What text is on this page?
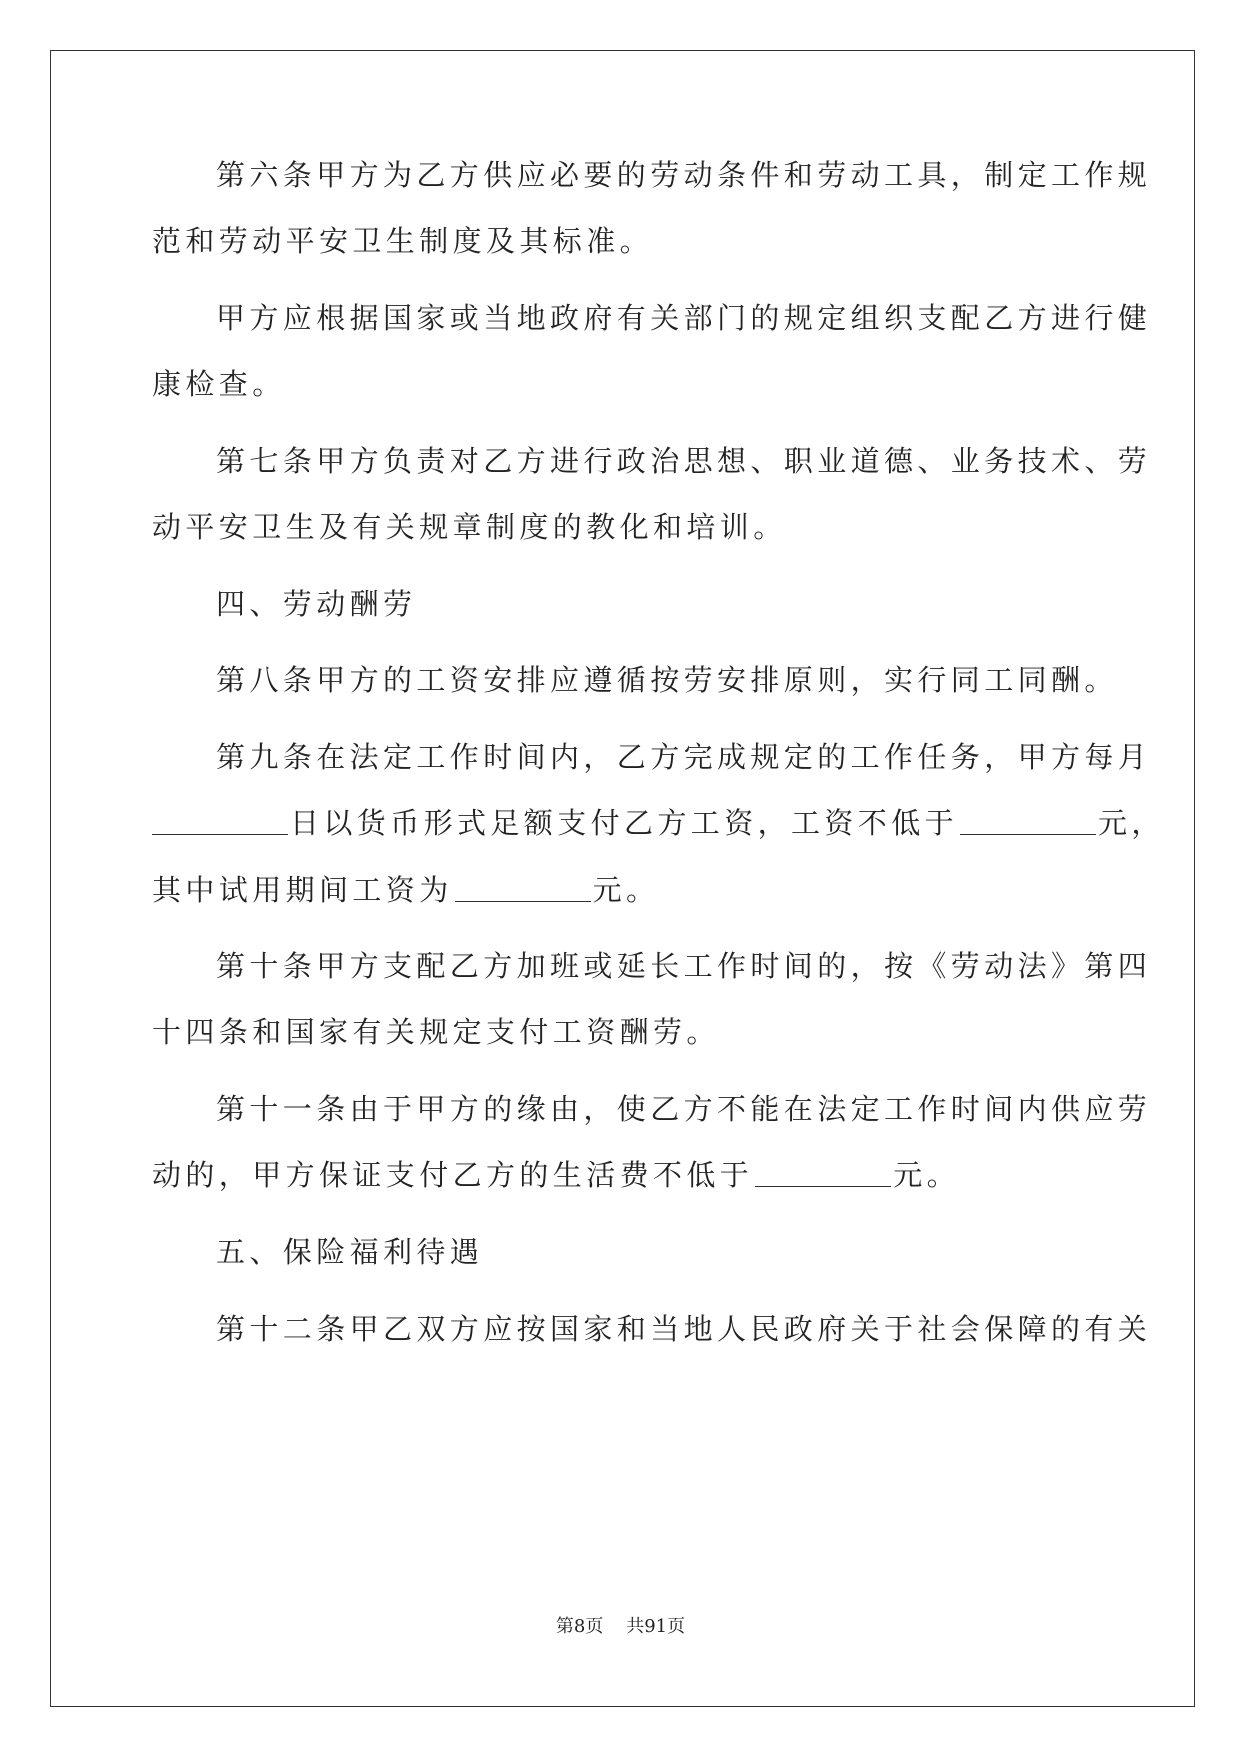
第六条甲方为乙方供应必要的劳动条件和劳动工具，制定工作规
范和劳动平安卫生制度及其标准。
甲方应根据国家或当地政府有关部门的规定组织支配乙方进行健
康检查。
第七条甲方负责对乙方进行政治思想、职业道德、业务技术、劳
动平安卫生及有关规章制度的教化和培训。
四、劳动酬劳
第八条甲方的工资安排应遵循按劳安排原则，实行同工同酬。
第九条在法定工作时间内，乙方完成规定的工作任务，甲方每月
日以货币形式足额支付乙方工资，工资不低于	元，
其中试用期间工资为	元。
第十条甲方支配乙方加班或延长工作时间的，按《劳动法》第四
十四条和国家有关规定支付工资酬劳。
第十一条由于甲方的缘由，使乙方不能在法定工作时间内供应劳
动的，甲方保证支付乙方的生活费不低于	元。
五、保险福利待遇
第十二条甲乙双方应按国家和当地人民政府关于社会保障的有关
第8页 共91页
